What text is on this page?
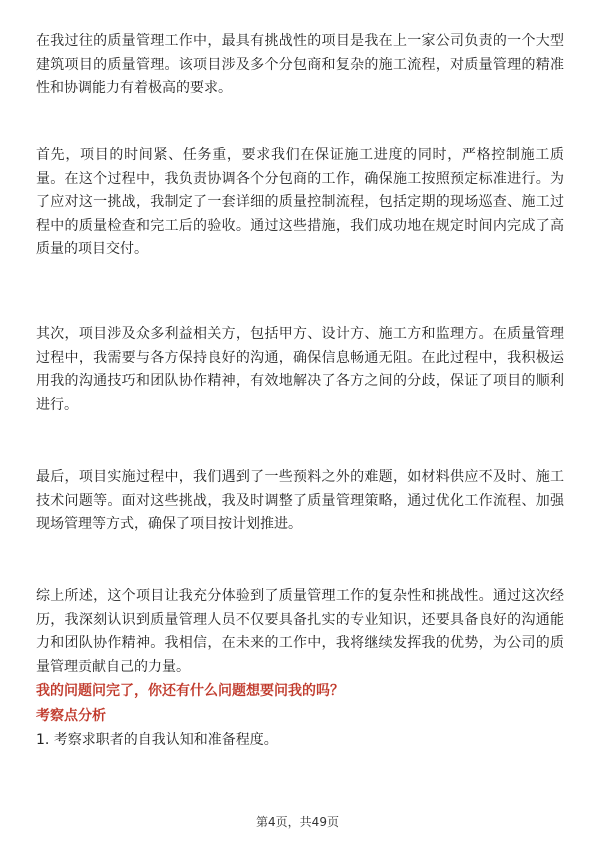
在我过往的质量管理工作中，最具有挑战性的项目是我在上一家公司负责的一个大型建筑项目的质量管理。该项目涉及多个分包商和复杂的施工流程，对质量管理的精准性和协调能力有着极高的要求。

首先，项目的时间紧、任务重，要求我们在保证施工进度的同时，严格控制施工质量。在这个过程中，我负责协调各个分包商的工作，确保施工按照预定标准进行。为了应对这一挑战，我制定了一套详细的质量控制流程，包括定期的现场巡查、施工过程中的质量检查和完工后的验收。通过这些措施，我们成功地在规定时间内完成了高质量的项目交付。

其次，项目涉及众多利益相关方，包括甲方、设计方、施工方和监理方。在质量管理过程中，我需要与各方保持良好的沟通，确保信息畅通无阻。在此过程中，我积极运用我的沟通技巧和团队协作精神，有效地解决了各方之间的分歧，保证了项目的顺利进行。

最后，项目实施过程中，我们遇到了一些预料之外的难题，如材料供应不及时、施工技术问题等。面对这些挑战，我及时调整了质量管理策略，通过优化工作流程、加强现场管理等方式，确保了项目按计划推进。

综上所述，这个项目让我充分体验到了质量管理工作的复杂性和挑战性。通过这次经历，我深刻认识到质量管理人员不仅要具备扎实的专业知识，还要具备良好的沟通能力和团队协作精神。我相信，在未来的工作中，我将继续发挥我的优势，为公司的质量管理贡献自己的力量。

我的问题问完了，你还有什么问题想要问我的吗？

考察点分析

1. 考察求职者的自我认知和准备程度。

第4页，共49页
